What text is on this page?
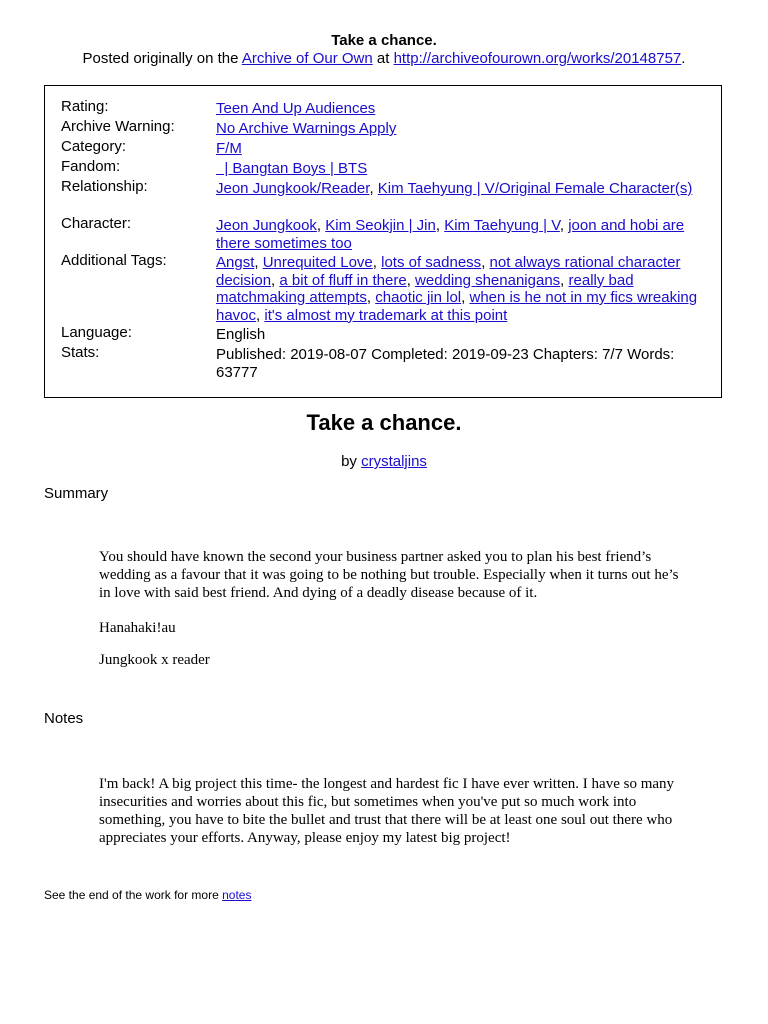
Take a chance.
Posted originally on the Archive of Our Own at http://archiveofourown.org/works/20148757.
Rating:	Teen And Up Audiences
Archive Warning:	No Archive Warnings Apply
Category:	F/M
Fandom:	| Bangtan Boys | BTS
Relationship:	Jeon Jungkook/Reader, Kim Taehyung | V/Original Female Character(s)
Character:	Jeon Jungkook, Kim Seokjin | Jin, Kim Taehyung | V, joon and hobi are there sometimes too
Additional Tags:	Angst, Unrequited Love, lots of sadness, not always rational character decision, a bit of fluff in there, wedding shenanigans, really bad matchmaking attempts, chaotic jin lol, when is he not in my fics wreaking havoc, it's almost my trademark at this point
Language:	English
Stats:	Published: 2019-08-07 Completed: 2019-09-23 Chapters: 7/7 Words: 63777
Take a chance.
by crystaljins
Summary
You should have known the second your business partner asked you to plan his best friend’s wedding as a favour that it was going to be nothing but trouble. Especially when it turns out he’s in love with said best friend. And dying of a deadly disease because of it.
Hanahaki!au
Jungkook x reader
Notes
I'm back! A big project this time- the longest and hardest fic I have ever written. I have so many insecurities and worries about this fic, but sometimes when you've put so much work into something, you have to bite the bullet and trust that there will be at least one soul out there who appreciates your efforts. Anyway, please enjoy my latest big project!
See the end of the work for more notes
